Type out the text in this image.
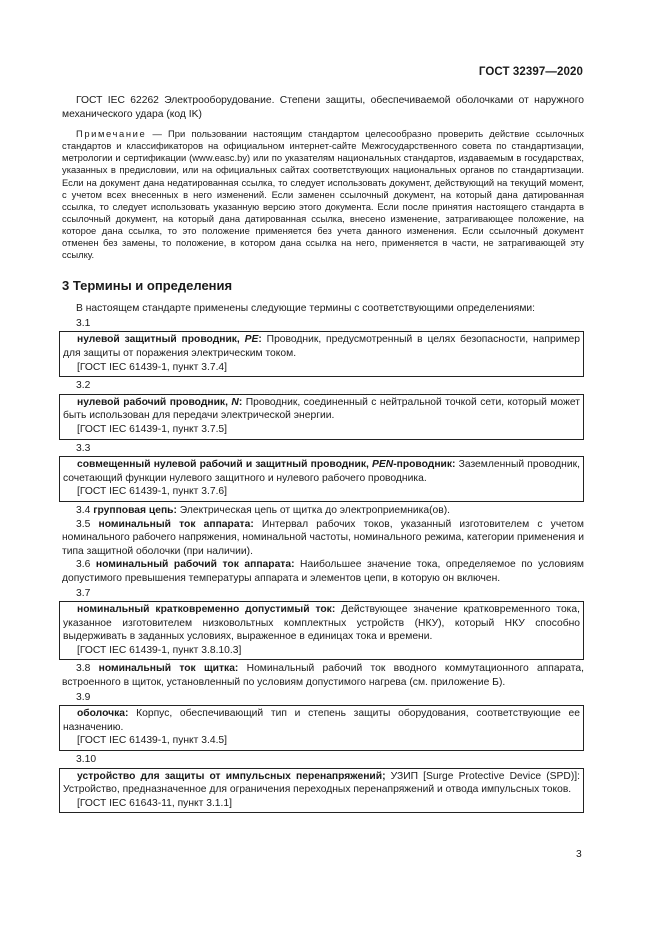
ГОСТ 32397—2020

ГОСТ IEC 62262 Электрооборудование. Степени защиты, обеспечиваемой оболочками от наружного механического удара (код IK)

Примечание — При пользовании настоящим стандартом целесообразно проверить действие ссылочных стандартов и классификаторов на официальном интернет-сайте Межгосударственного совета по стандартизации, метрологии и сертификации (www.easc.by) или по указателям национальных стандартов, издаваемым в государствах, указанных в предисловии, или на официальных сайтах соответствующих национальных органов по стандартизации. Если на документ дана недатированная ссылка, то следует использовать документ, действующий на текущий момент, с учетом всех внесенных в него изменений. Если заменен ссылочный документ, на который дана датированная ссылка, то следует использовать указанную версию этого документа. Если после принятия настоящего стандарта в ссылочный документ, на который дана датированная ссылка, внесено изменение, затрагивающее положение, на которое дана ссылка, то это положение применяется без учета данного изменения. Если ссылочный документ отменен без замены, то положение, в котором дана ссылка на него, применяется в части, не затрагивающей эту ссылку.

3 Термины и определения

В настоящем стандарте применены следующие термины с соответствующими определениями:

3.1

нулевой защитный проводник, PE: Проводник, предусмотренный в целях безопасности, например для защиты от поражения электрическим током.

[ГОСТ IEC 61439-1, пункт 3.7.4]
3.2

нулевой рабочий проводник, N: Проводник, соединенный с нейтральной точкой сети, который может быть использован для передачи электрической энергии.

[ГОСТ IEC 61439-1, пункт 3.7.5]
3.3

совмещенный нулевой рабочий и защитный проводник, PEN-проводник: Заземленный проводник, сочетающий функции нулевого защитного и нулевого рабочего проводника.

[ГОСТ IEC 61439-1, пункт 3.7.6]

3.4 групповая цепь: Электрическая цепь от щитка до электроприемника(ов).

3.5 номинальный ток аппарата: Интервал рабочих токов, указанный изготовителем с учетом номинального рабочего напряжения, номинальной частоты, номинального режима, категории применения и типа защитной оболочки (при наличии).

3.6 номинальный рабочий ток аппарата: Наибольшее значение тока, определяемое по условиям допустимого превышения температуры аппарата и элементов цепи, в которую он включен.

3.7

номинальный кратковременно допустимый ток: Действующее значение кратковременного тока, указанное изготовителем низковольтных комплектных устройств (НКУ), который НКУ способно выдерживать в заданных условиях, выраженное в единицах тока и времени.

[ГОСТ IEC 61439-1, пункт 3.8.10.3]

3.8 номинальный ток щитка: Номинальный рабочий ток вводного коммутационного аппарата, встроенного в щиток, установленный по условиям допустимого нагрева (см. приложение Б).

3.9

оболочка: Корпус, обеспечивающий тип и степень защиты оборудования, соответствующие ее назначению.

[ГОСТ IEC 61439-1, пункт 3.4.5]
3.10

устройство для защиты от импульсных перенапряжений; УЗИП [Surge Protective Device (SPD)]: Устройство, предназначенное для ограничения переходных перенапряжений и отвода импульсных токов.

[ГОСТ IEC 61643-11, пункт 3.1.1]
3
